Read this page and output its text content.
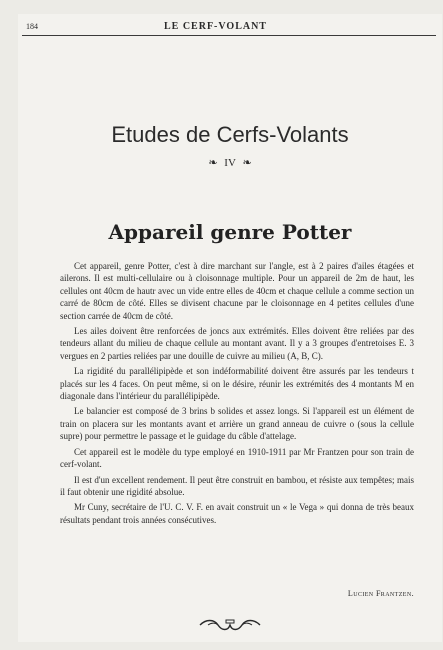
184	LE CERF-VOLANT
Etudes de Cerfs-Volants
❧ IV ❧
Appareil genre Potter

Cet appareil, genre Potter, c'est à dire marchant sur l'angle, est à 2 paires d'ailes étagées et ailerons. Il est multi-cellulaire ou à cloisonnage multiple. Pour un appareil de 2m de haut, les cellules ont 40cm de hautr avec un vide entre elles de 40cm et chaque cellule a comme section un carré de 80cm de côté. Elles se divisent chacune par le cloisonnage en 4 petites cellules d'une section carrée de 40cm de côté.

Les ailes doivent être renforcées de joncs aux extrémités. Elles doivent être reliées par des tendeurs allant du milieu de chaque cellule au montant avant. Il y a 3 groupes d'entretoises E. 3 vergues en 2 parties reliées par une douille de cuivre au milieu (A, B, C).

La rigidité du parallélipipède et son indéformabilité doivent être assurés par les tendeurs t placés sur les 4 faces. On peut même, si on le désire, réunir les extrémités des 4 montants M en diagonale dans l'intérieur du parallélipipède.

Le balancier est composé de 3 brins b solides et assez longs. Si l'appareil est un élément de train on placera sur les montants avant et arrière un grand anneau de cuivre o (sous la cellule supre) pour permettre le passage et le guidage du câble d'attelage.

Cet appareil est le modèle du type employé en 1910-1911 par Mr Frantzen pour son train de cerf-volant.

Il est d'un excellent rendement. Il peut être construit en bambou, et résiste aux tempêtes; mais il faut obtenir une rigidité absolue.

Mr Cuny, secrétaire de l'U. C. V. F. en avait construit un « le Vega » qui donna de très beaux résultats pendant trois années consécutives.

Lucien Frantzen.
